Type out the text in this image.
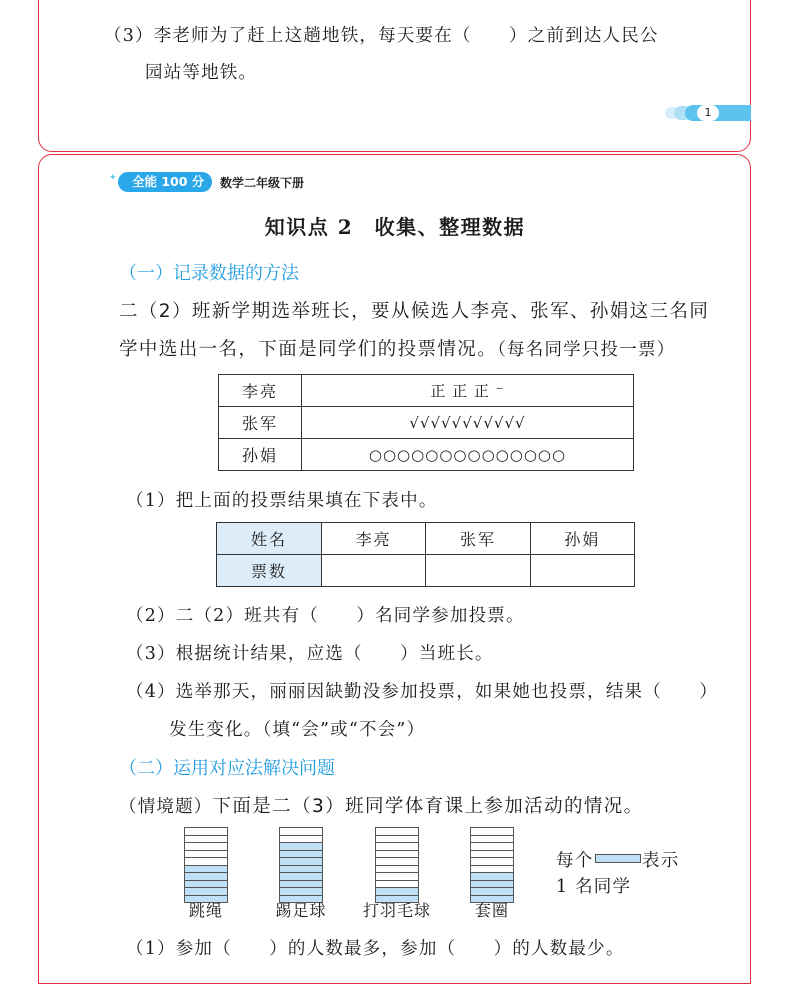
（3）李老师为了赶上这趟地铁，每天要在（　　）之前到达人民公
园站等地铁。
1
✦ ✧ 全能 100 分	数学二年级下册
知识点 2　收集、整理数据
（一）记录数据的方法
二（2）班新学期选举班长，要从候选人李亮、张军、孙娟这三名同
学中选出一名，下面是同学们的投票情况。（每名同学只投一票）
李亮	正 正 正 ⁻
张军	√√√√√√√√√√√
孙娟	○○○○○○○○○○○○○○
（1）把上面的投票结果填在下表中。
姓名	李亮	张军	孙娟
票数			
（2）二（2）班共有（　　）名同学参加投票。
（3）根据统计结果，应选（　　）当班长。
（4）选举那天，丽丽因缺勤没参加投票，如果她也投票，结果（　　）
发生变化。（填“会”或“不会”）
（二）运用对应法解决问题
（情境题）下面是二（3）班同学体育课上参加活动的情况。
跳绳	踢足球	打羽毛球	套圈
每个	表示
1 名同学
（1）参加（　　）的人数最多，参加（　　）的人数最少。
